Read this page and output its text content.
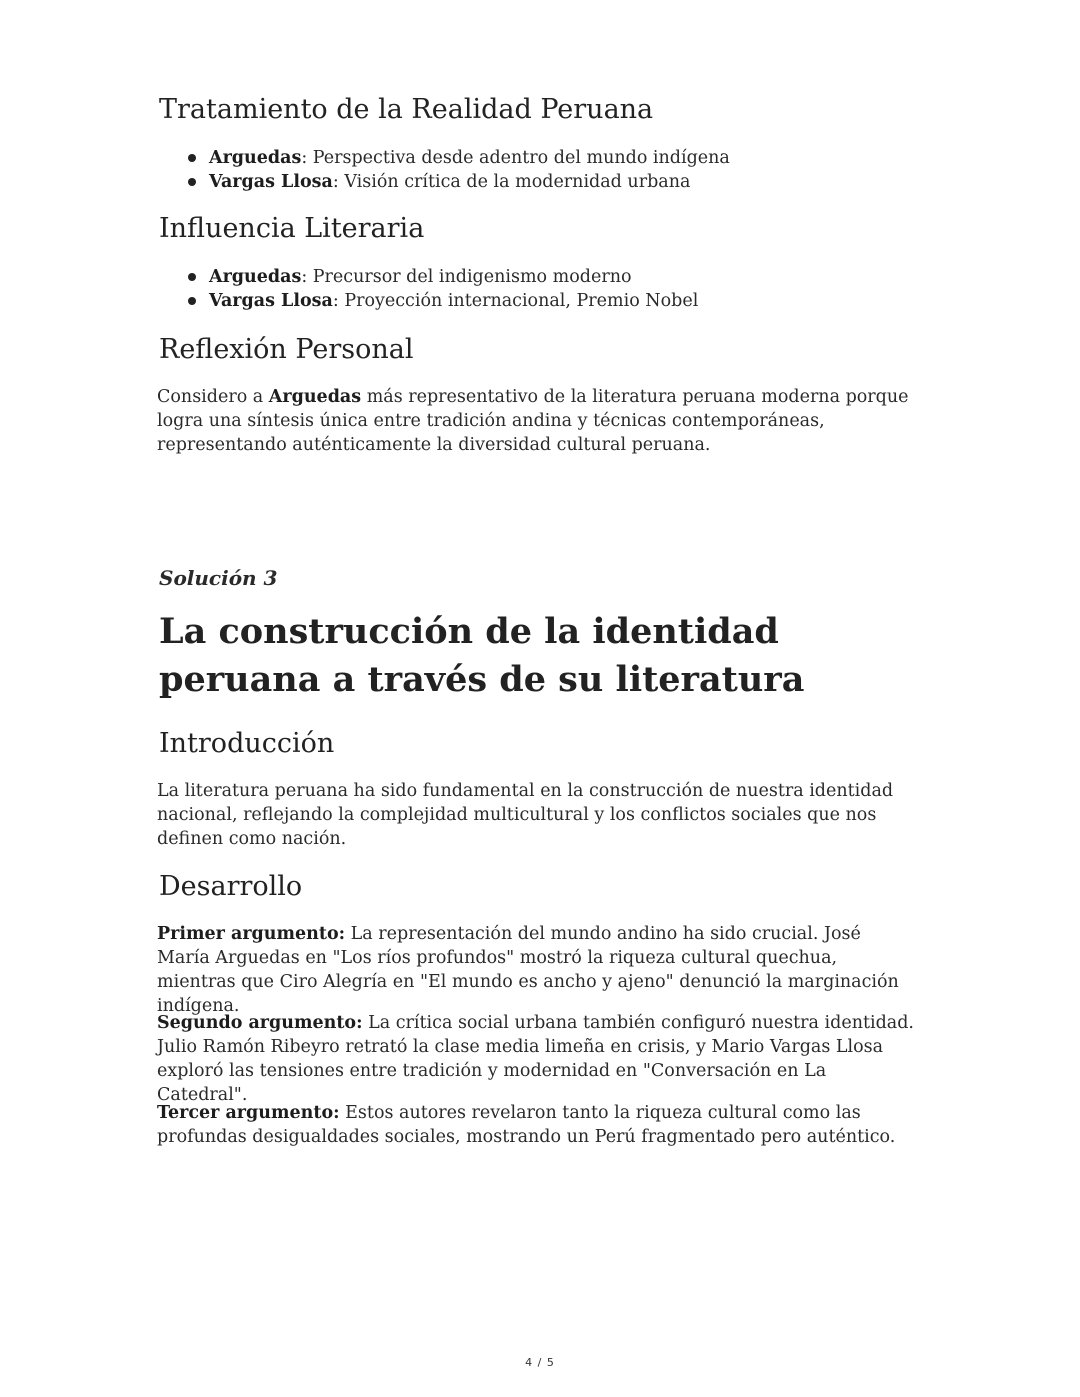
Tratamiento de la Realidad Peruana
Arguedas: Perspectiva desde adentro del mundo indígena
Vargas Llosa: Visión crítica de la modernidad urbana
Influencia Literaria
Arguedas: Precursor del indigenismo moderno
Vargas Llosa: Proyección internacional, Premio Nobel
Reflexión Personal

Considero a Arguedas más representativo de la literatura peruana moderna porque logra una síntesis única entre tradición andina y técnicas contemporáneas, representando auténticamente la diversidad cultural peruana.

Solución 3
La construcción de la identidad peruana a través de su literatura
Introducción

La literatura peruana ha sido fundamental en la construcción de nuestra identidad nacional, reflejando la complejidad multicultural y los conflictos sociales que nos definen como nación.

Desarrollo

Primer argumento: La representación del mundo andino ha sido crucial. José María Arguedas en "Los ríos profundos" mostró la riqueza cultural quechua, mientras que Ciro Alegría en "El mundo es ancho y ajeno" denunció la marginación indígena.

Segundo argumento: La crítica social urbana también configuró nuestra identidad. Julio Ramón Ribeyro retrató la clase media limeña en crisis, y Mario Vargas Llosa exploró las tensiones entre tradición y modernidad en "Conversación en La Catedral".

Tercer argumento: Estos autores revelaron tanto la riqueza cultural como las profundas desigualdades sociales, mostrando un Perú fragmentado pero auténtico.

4 / 5
